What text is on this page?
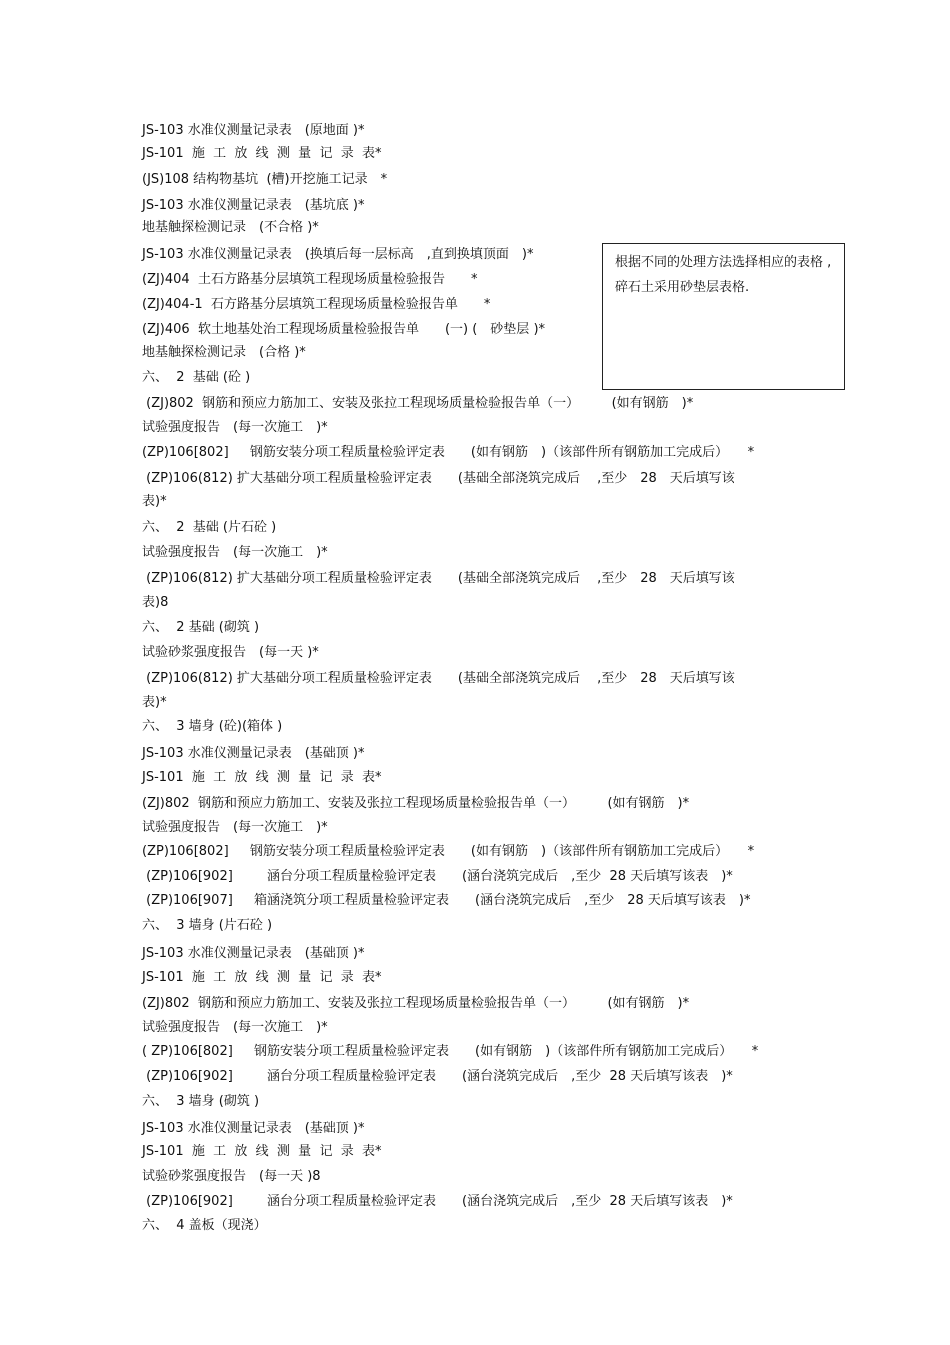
JS-103 水准仪测量记录表　(原地面 )*
JS-101  施  工  放  线  测  量  记  录  表*
(JS)108 结构物基坑  (槽)开挖施工记录　*
JS-103 水准仪测量记录表　(基坑底 )*
地基触探检测记录　(不合格 )*
JS-103 水准仪测量记录表　(换填后每一层标高　,直到换填顶面　)*
(ZJ)404  土石方路基分层填筑工程现场质量检验报告　　*
(ZJ)404-1  石方路基分层填筑工程现场质量检验报告单　　*
(ZJ)406  软土地基处治工程现场质量检验报告单　　(一) (　砂垫层 )*
地基触探检测记录　(合格 )*
六、  2  基础 (砼 )
(ZJ)802  钢筋和预应力筋加工、安装及张拉工程现场质量检验报告单（一）　　　(如有钢筋　)*
试验强度报告　(每一次施工　)*
(ZP)106[802]　  钢筋安装分项工程质量检验评定表　　(如有钢筋　)（该部件所有钢筋加工完成后）　　*
(ZP)106(812) 扩大基础分项工程质量检验评定表　　(基础全部浇筑完成后　 ,至少　28　天后填写该
表)*
六、  2  基础 (片石砼 )
试验强度报告　(每一次施工　)*
(ZP)106(812) 扩大基础分项工程质量检验评定表　　(基础全部浇筑完成后　 ,至少　28　天后填写该
表)8
六、  2 基础 (砌筑 )
试验砂浆强度报告　(每一天 )*
(ZP)106(812) 扩大基础分项工程质量检验评定表　　(基础全部浇筑完成后　 ,至少　28　天后填写该
表)*
六、  3 墙身 (砼)(箱体 )
JS-103 水准仪测量记录表　(基础顶 )*
JS-101  施  工  放  线  测  量  记  录  表*
(ZJ)802  钢筋和预应力筋加工、安装及张拉工程现场质量检验报告单（一）　　　(如有钢筋　)*
试验强度报告　(每一次施工　)*
(ZP)106[802]　  钢筋安装分项工程质量检验评定表　　(如有钢筋　)（该部件所有钢筋加工完成后）　　*
(ZP)106[902]　　  涵台分项工程质量检验评定表　　(涵台浇筑完成后　,至少  28 天后填写该表　)*
(ZP)106[907]　  箱涵浇筑分项工程质量检验评定表　　(涵台浇筑完成后　,至少　28 天后填写该表　)*
六、  3 墙身 (片石砼 )
JS-103 水准仪测量记录表　(基础顶 )*
JS-101  施  工  放  线  测  量  记  录  表*
(ZJ)802  钢筋和预应力筋加工、安装及张拉工程现场质量检验报告单（一）　　　(如有钢筋　)*
试验强度报告　(每一次施工　)*
( ZP)106[802]　  钢筋安装分项工程质量检验评定表　　(如有钢筋　)（该部件所有钢筋加工完成后）　　*
(ZP)106[902]　　  涵台分项工程质量检验评定表　　(涵台浇筑完成后　,至少  28 天后填写该表　)*
六、  3 墙身 (砌筑 )
JS-103 水准仪测量记录表　(基础顶 )*
JS-101  施  工  放  线  测  量  记  录  表*
试验砂浆强度报告　(每一天 )8
(ZP)106[902]　　  涵台分项工程质量检验评定表　　(涵台浇筑完成后　,至少  28 天后填写该表　)*
六、  4 盖板（现浇）
根据不同的处理方法选择相应的表格 ,碎石土采用砂垫层表格.
